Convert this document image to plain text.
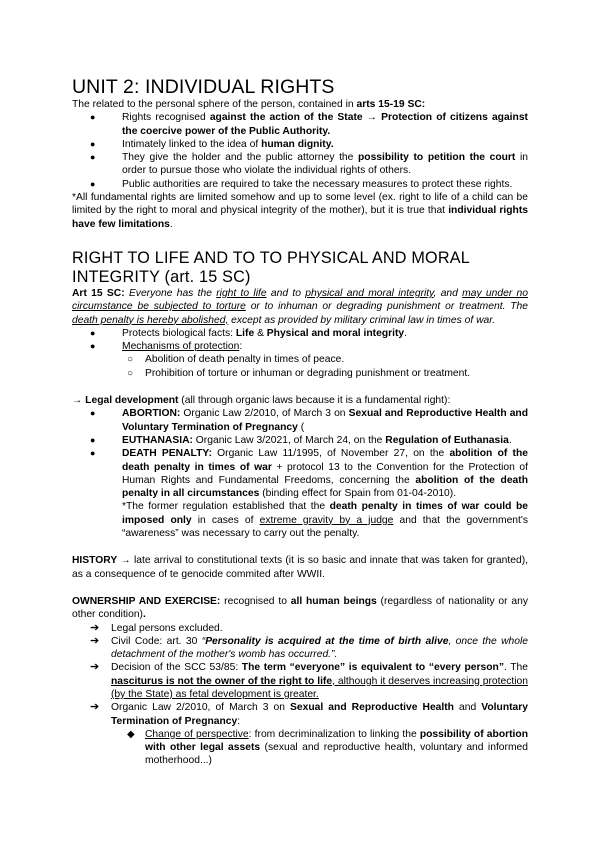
UNIT 2: INDIVIDUAL RIGHTS

The related to the personal sphere of the person, contained in arts 15-19 SC:

●	Rights recognised against the action of the State → Protection of citizens against the coercive power of the Public Authority.
●	Intimately linked to the idea of human dignity.
●	They give the holder and the public attorney the possibility to petition the court in order to pursue those who violate the individual rights of others.
●	Public authorities are required to take the necessary measures to protect these rights.

*All fundamental rights are limited somehow and up to some level (ex. right to life of a child can be limited by the right to moral and physical integrity of the mother), but it is true that individual rights have few limitations.

RIGHT TO LIFE AND TO TO PHYSICAL AND MORAL INTEGRITY (art. 15 SC)

Art 15 SC: Everyone has the right to life and to physical and moral integrity, and may under no circumstance be subjected to torture or to inhuman or degrading punishment or treatment. The death penalty is hereby abolished, except as provided by military criminal law in times of war.

●	Protects biological facts: Life & Physical and moral integrity.
●	Mechanisms of protection:
○ Abolition of death penalty in times of peace.
○ Prohibition of torture or inhuman or degrading punishment or treatment.

→ Legal development (all through organic laws because it is a fundamental right):

●	ABORTION: Organic Law 2/2010, of March 3 on Sexual and Reproductive Health and Voluntary Termination of Pregnancy (
●	EUTHANASIA: Organic Law 3/2021, of March 24, on the Regulation of Euthanasia.
●	DEATH PENALTY: Organic Law 11/1995, of November 27, on the abolition of the death penalty in times of war + protocol 13 to the Convention for the Protection of Human Rights and Fundamental Freedoms, concerning the abolition of the death penalty in all circumstances (binding effect for Spain from 01-04-2010).
*The former regulation established that the death penalty in times of war could be imposed only in cases of extreme gravity by a judge and that the government's “awareness” was necessary to carry out the penalty.

HISTORY → late arrival to constitutional texts (it is so basic and innate that was taken for granted), as a consequence of te genocide commited after WWII.

OWNERSHIP AND EXERCISE: recognised to all human beings (regardless of nationality or any other condition).

➔ Legal persons excluded.
➔ Civil Code: art. 30 “Personality is acquired at the time of birth alive, once the whole detachment of the mother's womb has occurred.”.
➔ Decision of the SCC 53/85: The term “everyone” is equivalent to “every person”. The nasciturus is not the owner of the right to life, although it deserves increasing protection (by the State) as fetal development is greater.
➔ Organic Law 2/2010, of March 3 on Sexual and Reproductive Health and Voluntary Termination of Pregnancy:
◆ Change of perspective: from decriminalization to linking the possibility of abortion with other legal assets (sexual and reproductive health, voluntary and informed motherhood...)
